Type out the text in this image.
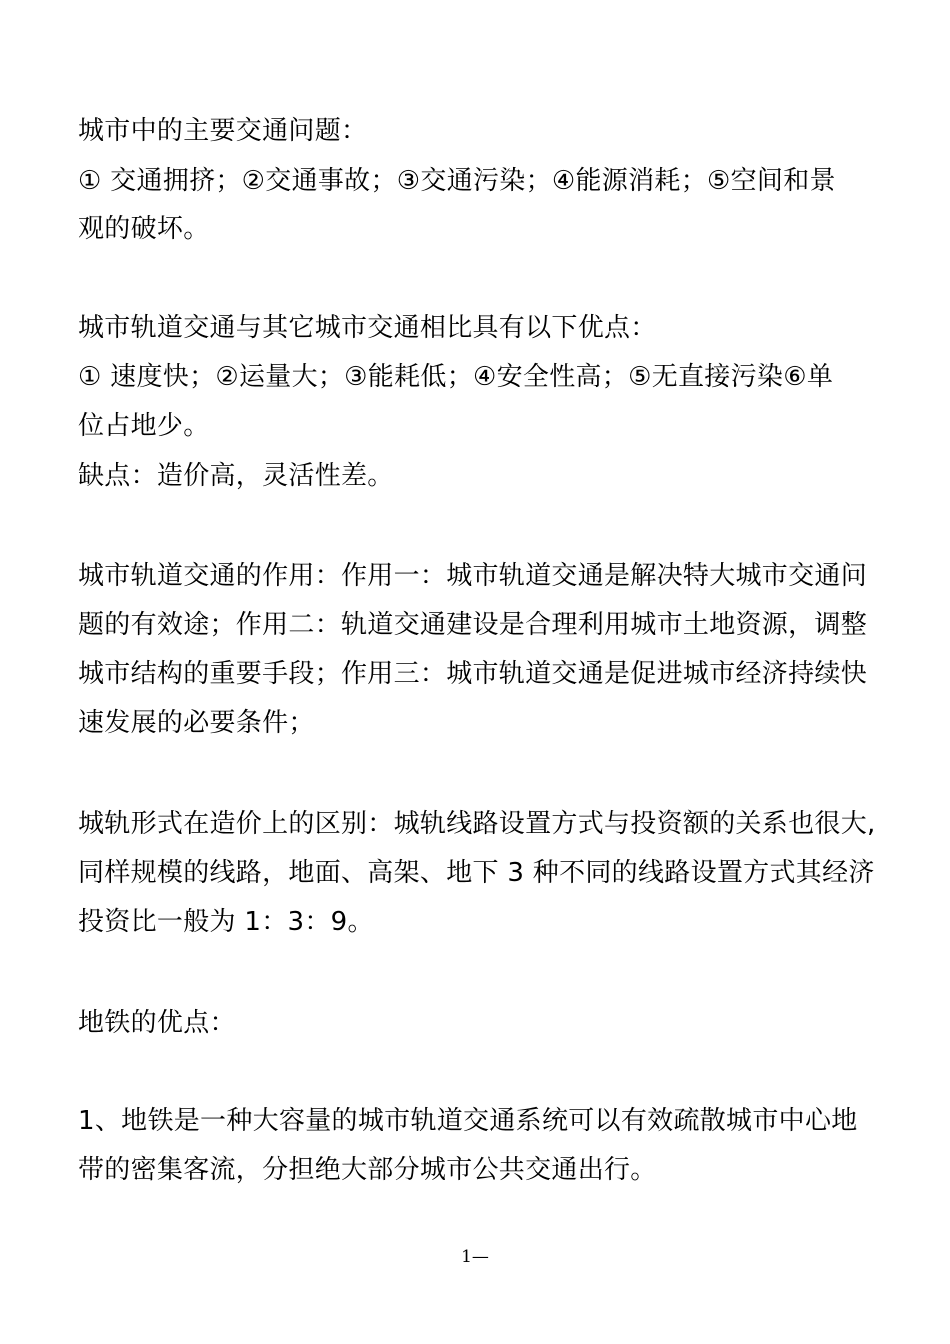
城市中的主要交通问题：
① 交通拥挤；②交通事故；③交通污染；④能源消耗；⑤空间和景
观的破坏。
城市轨道交通与其它城市交通相比具有以下优点：
① 速度快；②运量大；③能耗低；④安全性高；⑤无直接污染⑥单
位占地少。
缺点：造价高，灵活性差。
城市轨道交通的作用：作用一：城市轨道交通是解决特大城市交通问
题的有效途；作用二：轨道交通建设是合理利用城市土地资源，调整
城市结构的重要手段；作用三：城市轨道交通是促进城市经济持续快
速发展的必要条件；
城轨形式在造价上的区别：城轨线路设置方式与投资额的关系也很大,
同样规模的线路，地面、高架、地下 3 种不同的线路设置方式其经济
投资比一般为 1：3：9。
地铁的优点：
1、地铁是一种大容量的城市轨道交通系统可以有效疏散城市中心地
带的密集客流，分担绝大部分城市公共交通出行。
1—
